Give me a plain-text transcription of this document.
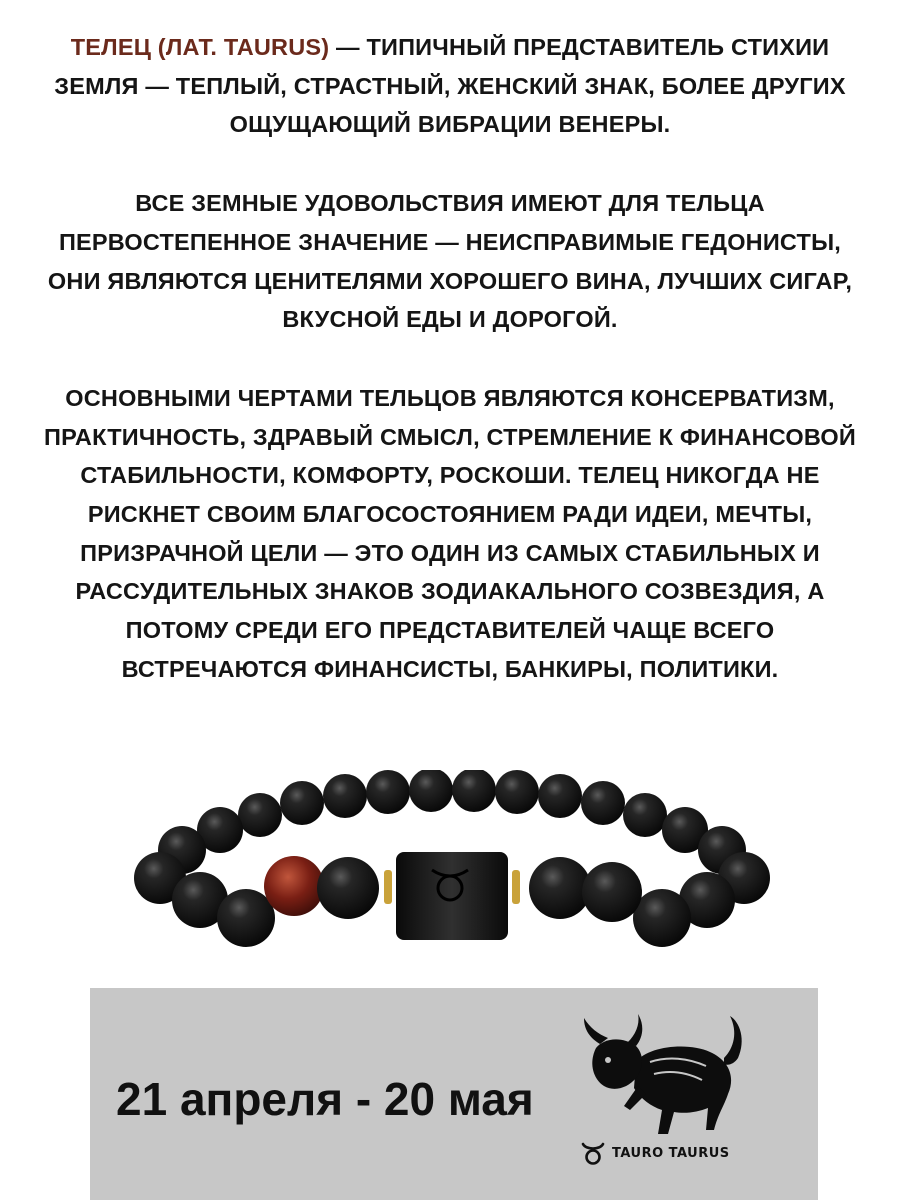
ТЕЛЕЦ (ЛАТ. TAURUS) — ТИПИЧНЫЙ ПРЕДСТАВИТЕЛЬ СТИХИИ ЗЕМЛЯ — ТЕПЛЫЙ, СТРАСТНЫЙ, ЖЕНСКИЙ ЗНАК, БОЛЕЕ ДРУГИХ ОЩУЩАЮЩИЙ ВИБРАЦИИ ВЕНЕРЫ.

ВСЕ ЗЕМНЫЕ УДОВОЛЬСТВИЯ ИМЕЮТ ДЛЯ ТЕЛЬЦА ПЕРВОСТЕПЕННОЕ ЗНАЧЕНИЕ — НЕИСПРАВИМЫЕ ГЕДОНИСТЫ, ОНИ ЯВЛЯЮТСЯ ЦЕНИТЕЛЯМИ ХОРОШЕГО ВИНА, ЛУЧШИХ СИГАР, ВКУСНОЙ ЕДЫ И ДОРОГОЙ.

ОСНОВНЫМИ ЧЕРТАМИ ТЕЛЬЦОВ ЯВЛЯЮТСЯ КОНСЕРВАТИЗМ, ПРАКТИЧНОСТЬ, ЗДРАВЫЙ СМЫСЛ, СТРЕМЛЕНИЕ К ФИНАНСОВОЙ СТАБИЛЬНОСТИ, КОМФОРТУ, РОСКОШИ. ТЕЛЕЦ НИКОГДА НЕ РИСКНЕТ СВОИМ БЛАГОСОСТОЯНИЕМ РАДИ ИДЕИ, МЕЧТЫ, ПРИЗРАЧНОЙ ЦЕЛИ — ЭТО ОДИН ИЗ САМЫХ СТАБИЛЬНЫХ И РАССУДИТЕЛЬНЫХ ЗНАКОВ ЗОДИАКАЛЬНОГО СОЗВЕЗДИЯ, А ПОТОМУ СРЕДИ ЕГО ПРЕДСТАВИТЕЛЕЙ ЧАЩЕ ВСЕГО ВСТРЕЧАЮТСЯ ФИНАНСИСТЫ, БАНКИРЫ, ПОЛИТИКИ.

21 апреля - 20 мая
TAURO TAURUS
